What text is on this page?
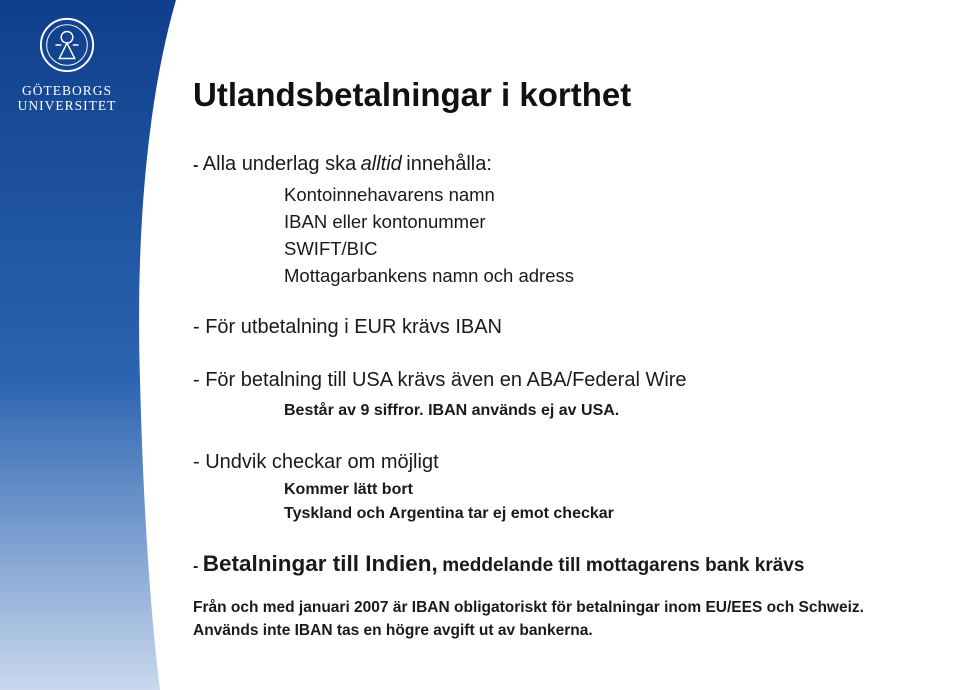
GÖTEBORGS
UNIVERSITET Utlandsbetalningar i korthet
- Alla underlag ska alltid innehålla:
Kontoinnehavarens namn
IBAN eller kontonummer
SWIFT/BIC
Mottagarbankens namn och adress
- För utbetalning i EUR krävs IBAN
- För betalning till USA krävs även en ABA/Federal Wire
Består av 9 siffror. IBAN används ej av USA.
- Undvik checkar om möjligt
Kommer lätt bort
Tyskland och Argentina tar ej emot checkar
- Betalningar till Indien, meddelande till mottagarens bank krävs
Från och med januari 2007 är IBAN obligatoriskt för betalningar inom EU/EES och Schweiz.
Används inte IBAN tas en högre avgift ut av bankerna.
